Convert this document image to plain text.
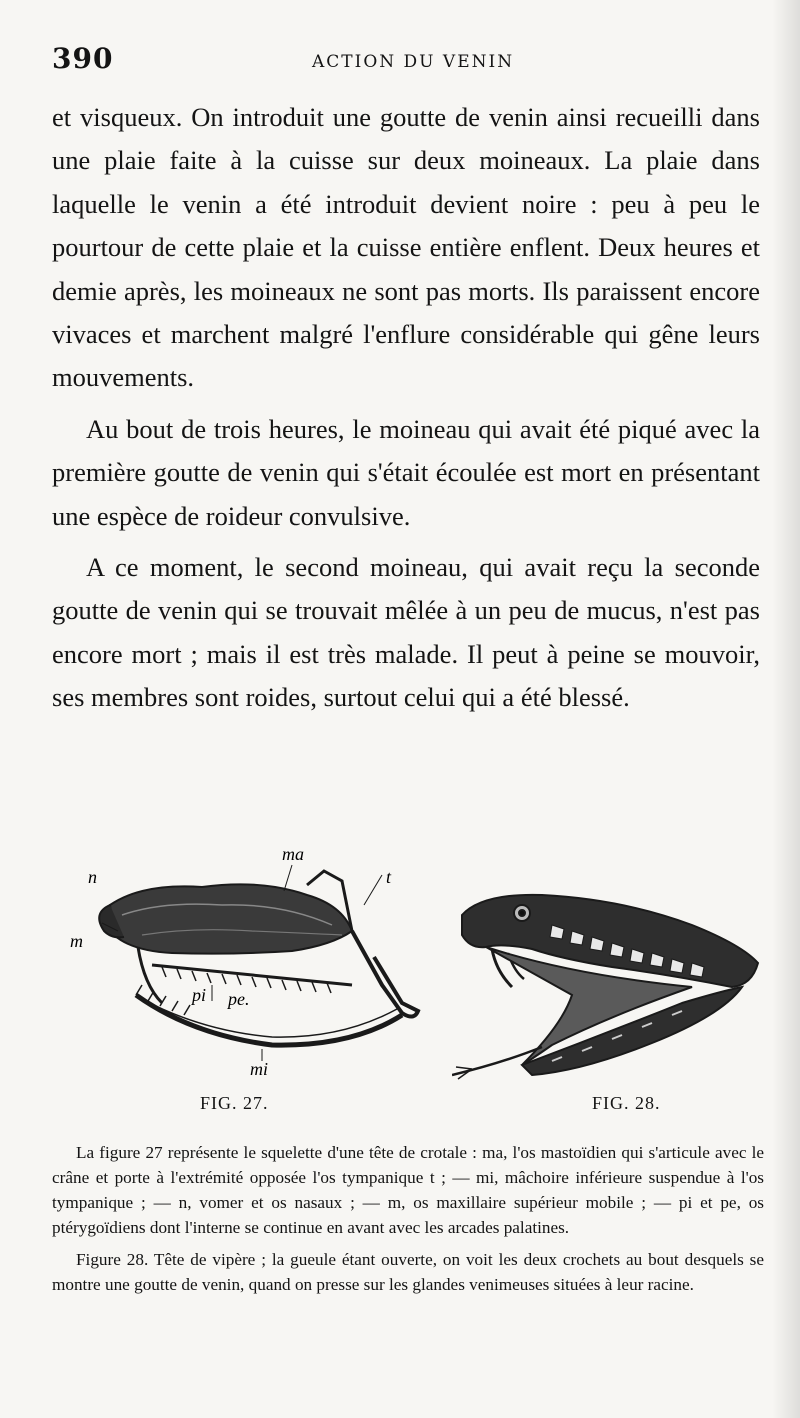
390	ACTION DU VENIN

et visqueux. On introduit une goutte de venin ainsi recueilli dans une plaie faite à la cuisse sur deux moineaux. La plaie dans laquelle le venin a été introduit devient noire : peu à peu le pourtour de cette plaie et la cuisse entière enflent. Deux heures et demie après, les moineaux ne sont pas morts. Ils paraissent encore vivaces et marchent malgré l'enflure considérable qui gêne leurs mouvements.

Au bout de trois heures, le moineau qui avait été piqué avec la première goutte de venin qui s'était écoulée est mort en présentant une espèce de roideur convulsive.

A ce moment, le second moineau, qui avait reçu la seconde goutte de venin qui se trouvait mêlée à un peu de mucus, n'est pas encore mort ; mais il est très malade. Il peut à peine se mouvoir, ses membres sont roides, surtout celui qui a été blessé.

ma
n	t
m
pi pe.
mi
FIG. 27.	FIG. 28.

La figure 27 représente le squelette d'une tête de crotale : ma, l'os mastoïdien qui s'articule avec le crâne et porte à l'extrémité opposée l'os tympanique t ; — mi, mâchoire inférieure suspendue à l'os tympanique ; — n, vomer et os nasaux ; — m, os maxillaire supérieur mobile ; — pi et pe, os ptérygoïdiens dont l'interne se continue en avant avec les arcades palatines.

Figure 28. Tête de vipère ; la gueule étant ouverte, on voit les deux crochets au bout desquels se montre une goutte de venin, quand on presse sur les glandes venimeuses situées à leur racine.
